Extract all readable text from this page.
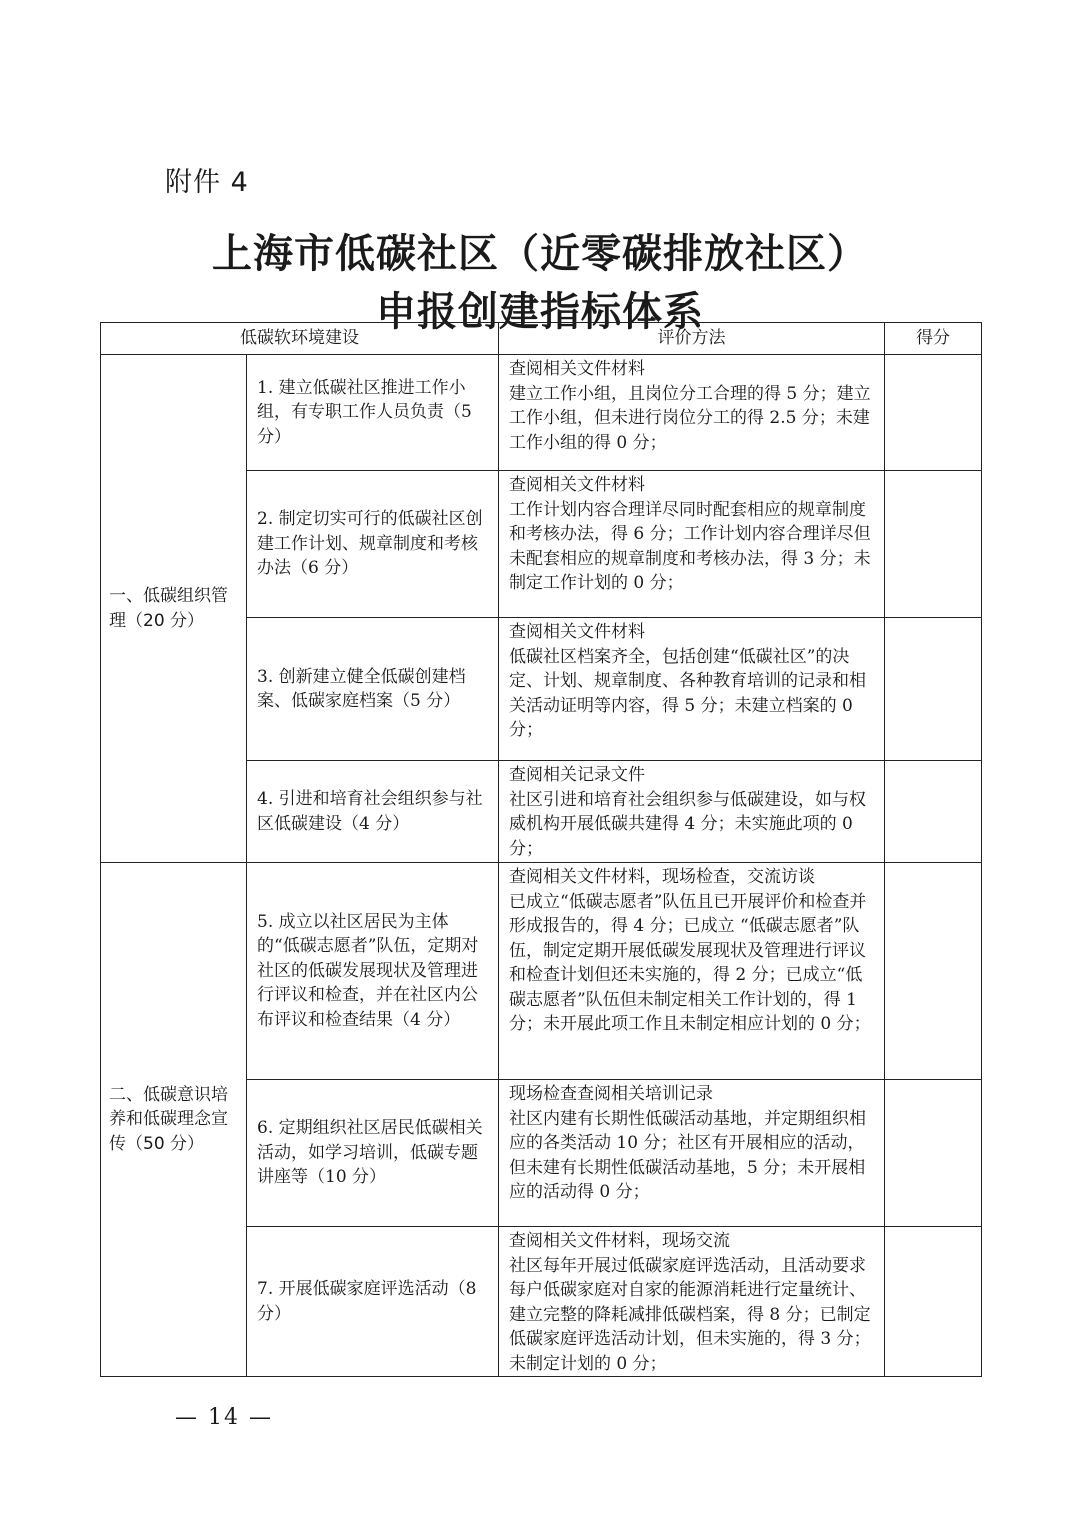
附件 4
上海市低碳社区（近零碳排放社区）
申报创建指标体系
低碳软环境建设		评价方法	得分
一、低碳组织管理（20 分）	1. 建立低碳社区推进工作小组，有专职工作人员负责（5 分）	查阅相关文件材料
建立工作小组，且岗位分工合理的得 5 分；建立工作小组，但未进行岗位分工的得 2.5 分；未建工作小组的得 0 分；	

	2. 制定切实可行的低碳社区创建工作计划、规章制度和考核办法（6 分）	查阅相关文件材料
工作计划内容合理详尽同时配套相应的规章制度和考核办法，得 6 分；工作计划内容合理详尽但未配套相应的规章制度和考核办法，得 3 分；未制定工作计划的 0 分；	

	3. 创新建立健全低碳创建档案、低碳家庭档案（5 分）	查阅相关文件材料
低碳社区档案齐全，包括创建“低碳社区”的决定、计划、规章制度、各种教育培训的记录和相关活动证明等内容，得 5 分；未建立档案的 0 分；	

	4. 引进和培育社会组织参与社区低碳建设（4 分）	查阅相关记录文件
社区引进和培育社会组织参与低碳建设，如与权威机构开展低碳共建得 4 分；未实施此项的 0 分；	

二、低碳意识培养和低碳理念宣传（50 分）	5. 成立以社区居民为主体的“低碳志愿者”队伍，定期对社区的低碳发展现状及管理进行评议和检查，并在社区内公布评议和检查结果（4 分）	查阅相关文件材料，现场检查，交流访谈
已成立“低碳志愿者”队伍且已开展评价和检查并形成报告的，得 4 分；已成立 “低碳志愿者”队伍，制定定期开展低碳发展现状及管理进行评议和检查计划但还未实施的，得 2 分；已成立“低碳志愿者”队伍但未制定相关工作计划的，得 1 分；未开展此项工作且未制定相应计划的 0 分；	

	6. 定期组织社区居民低碳相关活动，如学习培训，低碳专题讲座等（10 分）	现场检查查阅相关培训记录
社区内建有长期性低碳活动基地，并定期组织相应的各类活动 10 分；社区有开展相应的活动，但未建有长期性低碳活动基地，5 分；未开展相应的活动得 0 分；	

	7. 开展低碳家庭评选活动（8 分）	查阅相关文件材料，现场交流
社区每年开展过低碳家庭评选活动，且活动要求每户低碳家庭对自家的能源消耗进行定量统计、建立完整的降耗减排低碳档案，得 8 分；已制定低碳家庭评选活动计划，但未实施的，得 3 分；未制定计划的 0 分；	

— 14 —
